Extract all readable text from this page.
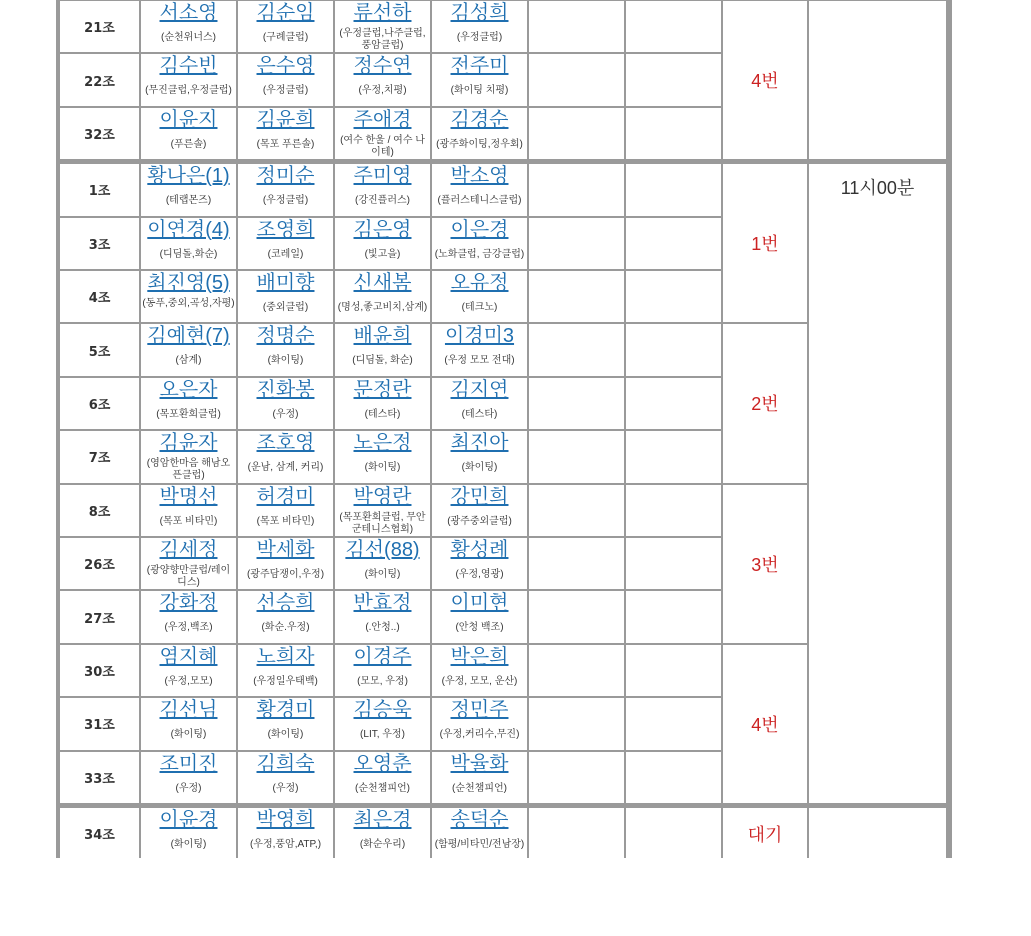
21조
서소영
(순천위너스)
김순임
(구례클럽)
류선하
(우정클럽,나주클럽,풍암클럽)
김성희
(우정클럽)
22조
김수빈
(무진클럽,우정클럽)
은수영
(우정클럽)
정수연
(우정,치평)
전주미
(화이팅 치평)
32조
이윤지
(푸른솔)
김윤희
(목포 푸른솔)
주애경
(여수 한울 / 여수 나이테)
김경순
(광주화이팅,정우회)
4번
1조
황나은(1)
(테랩몬즈)
정미순
(우정클럽)
주미영
(강진플러스)
박소영
(플러스테니스클럽)
3조
이연경(4)
(디딤돌,화순)
조영희
(코레일)
김은영
(빛고을)
이은경
(노화클럽, 금강클럽)
4조
최진영(5)
(동푸,중외,곡성,자평)
배미향
(중외클럽)
신새봄
(명성,좋고비치,삼계)
오유정
(테크노)
5조
김예현(7)
(삼계)
정명순
(화이팅)
배윤희
(디딤돌, 화순)
이경미3
(우정 모모 전대)
6조
오은자
(목포환희클럽)
진화봉
(우정)
문정란
(테스타)
김지연
(테스타)
7조
김윤자
(영암한마음 해남오픈클럽)
조호영
(운남, 삼계, 커리)
노은정
(화이팅)
최진아
(화이팅)
8조
박명선
(목포 비타민)
허경미
(목포 비타민)
박영란
(목포환희클럽, 무안군테니스협회)
강민희
(광주중외클럽)
26조
김세정
(광양향만클럽/레이디스)
박세화
(광주담쟁이,우정)
김선(88)
(화이팅)
황성례
(우정,영광)
27조
강화정
(우정,백조)
선승희
(화순.우정)
반효정
(.안청..)
이미현
(안청 백조)
30조
염지혜
(우정,모모)
노희자
(우정일우태백)
이경주
(모모, 우정)
박은희
(우정, 모모, 운산)
31조
김선님
(화이팅)
황경미
(화이팅)
김승욱
(LIT, 우정)
정민주
(우정,커리수,무진)
33조
조미진
(우정)
김희숙
(우정)
오영춘
(순천챔피언)
박율화
(순천챔피언)
1번
2번
3번
4번
11시00분
34조
이윤경
(화이팅)
박영희
(우정,풍암,ATP,)
최은경
(화순우리)
송덕순
(함평/비타민/전남장)	대기
